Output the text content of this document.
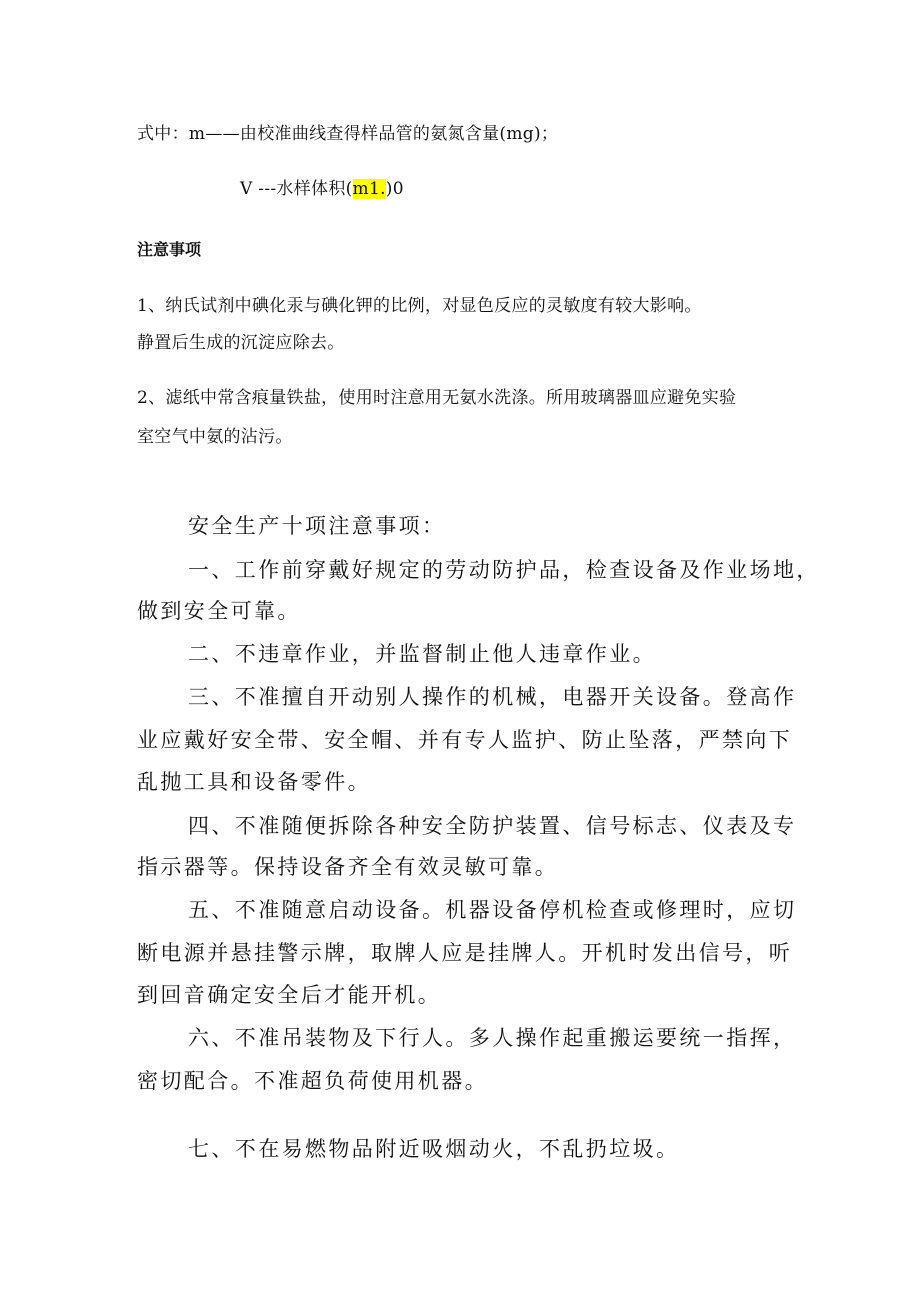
式中：m——由校准曲线查得样品管的氨氮含量(mg)；

V ---水样体积(m1.)0

注意事项

1、纳氏试剂中碘化汞与碘化钾的比例，对显色反应的灵敏度有较大影响。

静置后生成的沉淀应除去。

2、滤纸中常含痕量铁盐，使用时注意用无氨水洗涤。所用玻璃器皿应避免实验

室空气中氨的沾污。

安全生产十项注意事项：

一、工作前穿戴好规定的劳动防护品，检查设备及作业场地，

做到安全可靠。

二、不违章作业，并监督制止他人违章作业。

三、不准擅自开动别人操作的机械，电器开关设备。登高作

业应戴好安全带、安全帽、并有专人监护、防止坠落，严禁向下

乱抛工具和设备零件。

四、不准随便拆除各种安全防护装置、信号标志、仪表及专

指示器等。保持设备齐全有效灵敏可靠。

五、不准随意启动设备。机器设备停机检查或修理时，应切

断电源并悬挂警示牌，取牌人应是挂牌人。开机时发出信号，听

到回音确定安全后才能开机。

六、不准吊装物及下行人。多人操作起重搬运要统一指挥，

密切配合。不准超负荷使用机器。

七、不在易燃物品附近吸烟动火，不乱扔垃圾。
